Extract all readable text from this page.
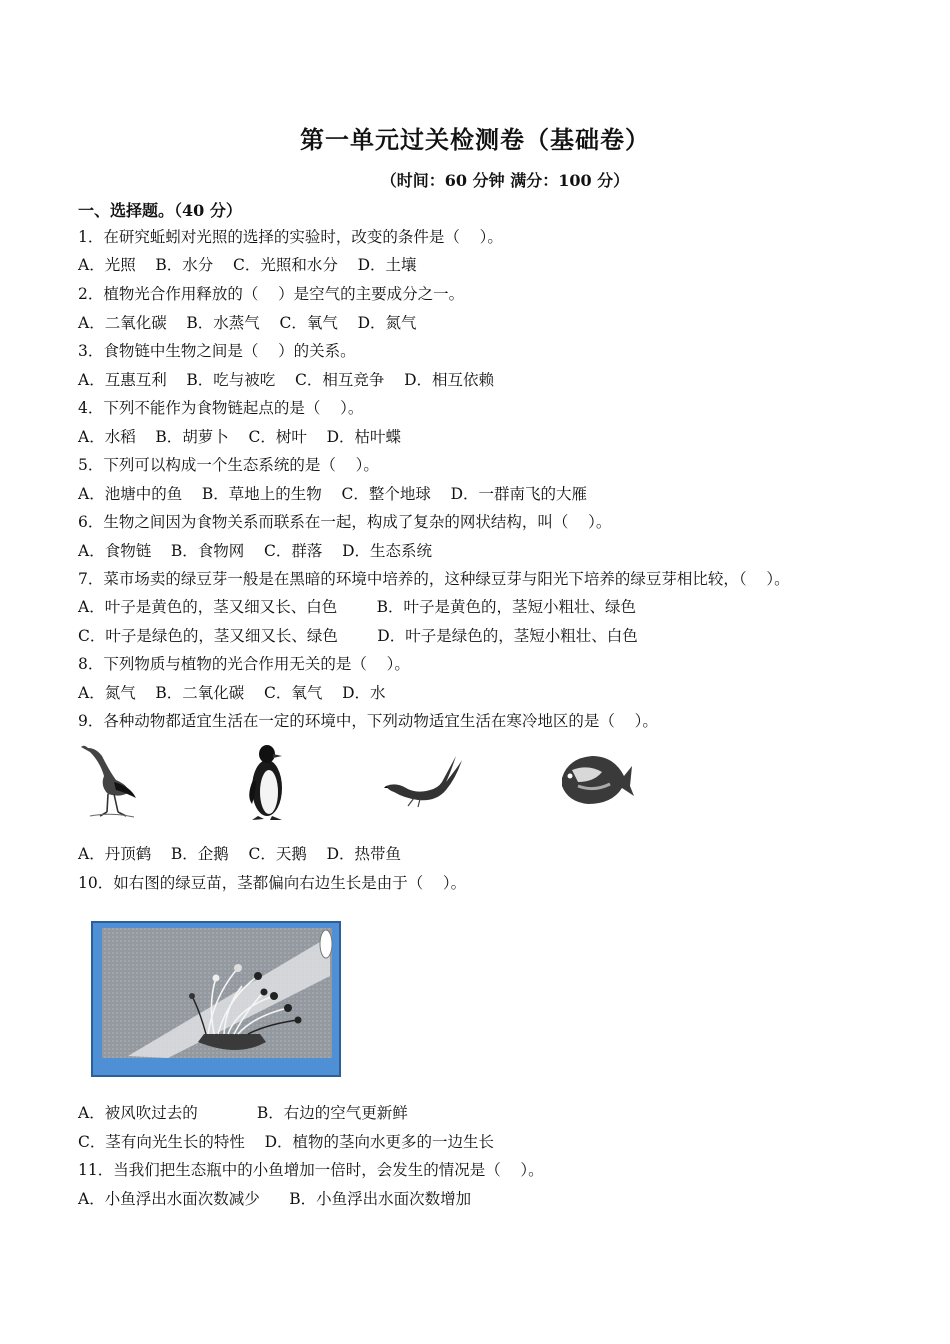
第一单元过关检测卷（基础卷）
（时间：60 分钟 满分：100 分）
一、选择题。（40 分）
1．在研究蚯蚓对光照的选择的实验时，改变的条件是（    ）。
A．光照    B．水分    C．光照和水分    D．土壤
2．植物光合作用释放的（    ）是空气的主要成分之一。
A．二氧化碳    B．水蒸气    C．氧气    D．氮气
3．食物链中生物之间是（    ）的关系。
A．互惠互利    B．吃与被吃    C．相互竞争    D．相互依赖
4．下列不能作为食物链起点的是（    ）。
A．水稻    B．胡萝卜    C．树叶    D．枯叶蝶
5．下列可以构成一个生态系统的是（    ）。
A．池塘中的鱼    B．草地上的生物    C．整个地球    D．一群南飞的大雁
6．生物之间因为食物关系而联系在一起，构成了复杂的网状结构，叫（    ）。
A．食物链    B．食物网    C．群落    D．生态系统
7．菜市场卖的绿豆芽一般是在黑暗的环境中培养的，这种绿豆芽与阳光下培养的绿豆芽相比较，（    ）。
A．叶子是黄色的，茎又细又长、白色        B．叶子是黄色的，茎短小粗壮、绿色
C．叶子是绿色的，茎又细又长、绿色        D．叶子是绿色的，茎短小粗壮、白色
8．下列物质与植物的光合作用无关的是（    ）。
A．氮气    B．二氧化碳    C．氧气    D．水
9．各种动物都适宜生活在一定的环境中，下列动物适宜生活在寒冷地区的是（    ）。
A．丹顶鹤    B．企鹅    C．天鹅    D．热带鱼
10．如右图的绿豆苗，茎都偏向右边生长是由于（    ）。
A．被风吹过去的            B．右边的空气更新鲜
C．茎有向光生长的特性    D．植物的茎向水更多的一边生长
11．当我们把生态瓶中的小鱼增加一倍时，会发生的情况是（    ）。
A．小鱼浮出水面次数减少      B．小鱼浮出水面次数增加
